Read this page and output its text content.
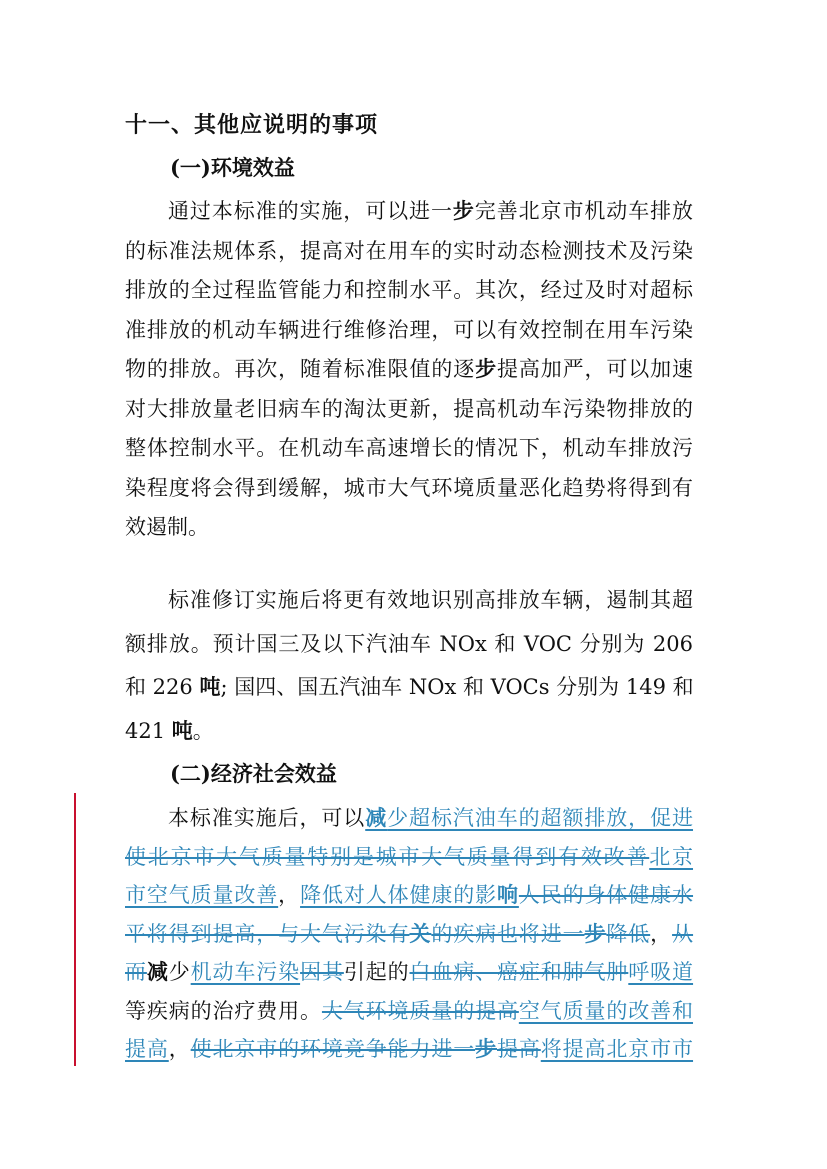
十一、其他应说明的事项
(一)环境效益
通过本标准的实施，可以进一步完善北京市机动车排放
的标准法规体系，提高对在用车的实时动态检测技术及污染
排放的全过程监管能力和控制水平。其次，经过及时对超标
准排放的机动车辆进行维修治理，可以有效控制在用车污染
物的排放。再次，随着标准限值的逐步提高加严，可以加速
对大排放量老旧病车的淘汰更新，提高机动车污染物排放的
整体控制水平。在机动车高速增长的情况下，机动车排放污
染程度将会得到缓解，城市大气环境质量恶化趋势将得到有
效遏制。
标准修订实施后将更有效地识别高排放车辆，遏制其超
额排放。预计国三及以下汽油车 NOx 和 VOC 分别为 206
和 226 吨; 国四、国五汽油车 NOx 和 VOCs 分别为 149 和
421 吨。
(二)经济社会效益
本标准实施后，可以减少超标汽油车的超额排放，促进
使北京市大气质量特别是城市大气质量得到有效改善北京
市空气质量改善，降低对人体健康的影响人民的身体健康水
平将得到提高，与大气污染有关的疾病也将进一步降低，从
而减少机动车污染因其引起的白血病、癌症和肺气肿呼吸道
等疾病的治疗费用。大气环境质量的提高空气质量的改善和
提高，使北京市的环境竞争能力进一步提高将提高北京市市
